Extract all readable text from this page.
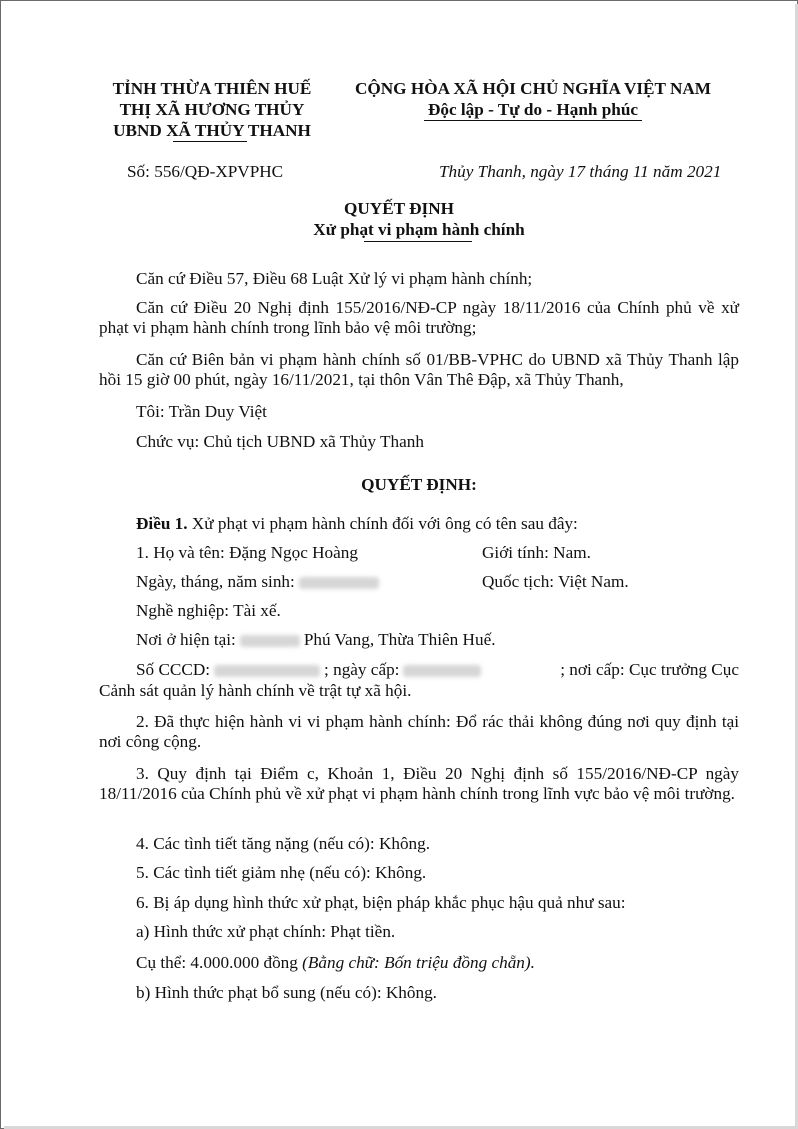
TỈNH THỪA THIÊN HUẾ
THỊ XÃ HƯƠNG THỦY
UBND XÃ THỦY THANH
CỘNG HÒA XÃ HỘI CHỦ NGHĨA VIỆT NAM
Độc lập - Tự do - Hạnh phúc
Số: 556/QĐ-XPVPHC	Thủy Thanh, ngày 17 tháng 11 năm 2021
QUYẾT ĐỊNH
Xử phạt vi phạm hành chính
Căn cứ Điều 57, Điều 68 Luật Xử lý vi phạm hành chính;
Căn cứ Điều 20 Nghị định 155/2016/NĐ-CP ngày 18/11/2016 của Chính phủ về xử phạt vi phạm hành chính trong lĩnh bảo vệ môi trường;
Căn cứ Biên bản vi phạm hành chính số 01/BB-VPHC do UBND xã Thủy Thanh lập hồi 15 giờ 00 phút, ngày 16/11/2021, tại thôn Vân Thê Đập, xã Thủy Thanh,
Tôi: Trần Duy Việt
Chức vụ: Chủ tịch UBND xã Thủy Thanh
QUYẾT ĐỊNH:
Điều 1. Xử phạt vi phạm hành chính đối với ông có tên sau đây:
1. Họ và tên: Đặng Ngọc Hoàng	Giới tính: Nam.
Ngày, tháng, năm sinh:	Quốc tịch: Việt Nam.
Nghề nghiệp: Tài xế.
Nơi ở hiện tại:	Phú Vang, Thừa Thiên Huế.
Số CCCD:	; ngày cấp:	; nơi cấp: Cục trưởng Cục
Cảnh sát quản lý hành chính về trật tự xã hội.
2. Đã thực hiện hành vi vi phạm hành chính: Đổ rác thải không đúng nơi quy định tại nơi công cộng.
3. Quy định tại Điểm c, Khoản 1, Điều 20 Nghị định số 155/2016/NĐ-CP ngày 18/11/2016 của Chính phủ về xử phạt vi phạm hành chính trong lĩnh vực bảo vệ môi trường.
4. Các tình tiết tăng nặng (nếu có): Không.
5. Các tình tiết giảm nhẹ (nếu có): Không.
6. Bị áp dụng hình thức xử phạt, biện pháp khắc phục hậu quả như sau:
a) Hình thức xử phạt chính: Phạt tiền.
Cụ thể: 4.000.000 đồng (Bằng chữ: Bốn triệu đồng chẵn).
b) Hình thức phạt bổ sung (nếu có): Không.
